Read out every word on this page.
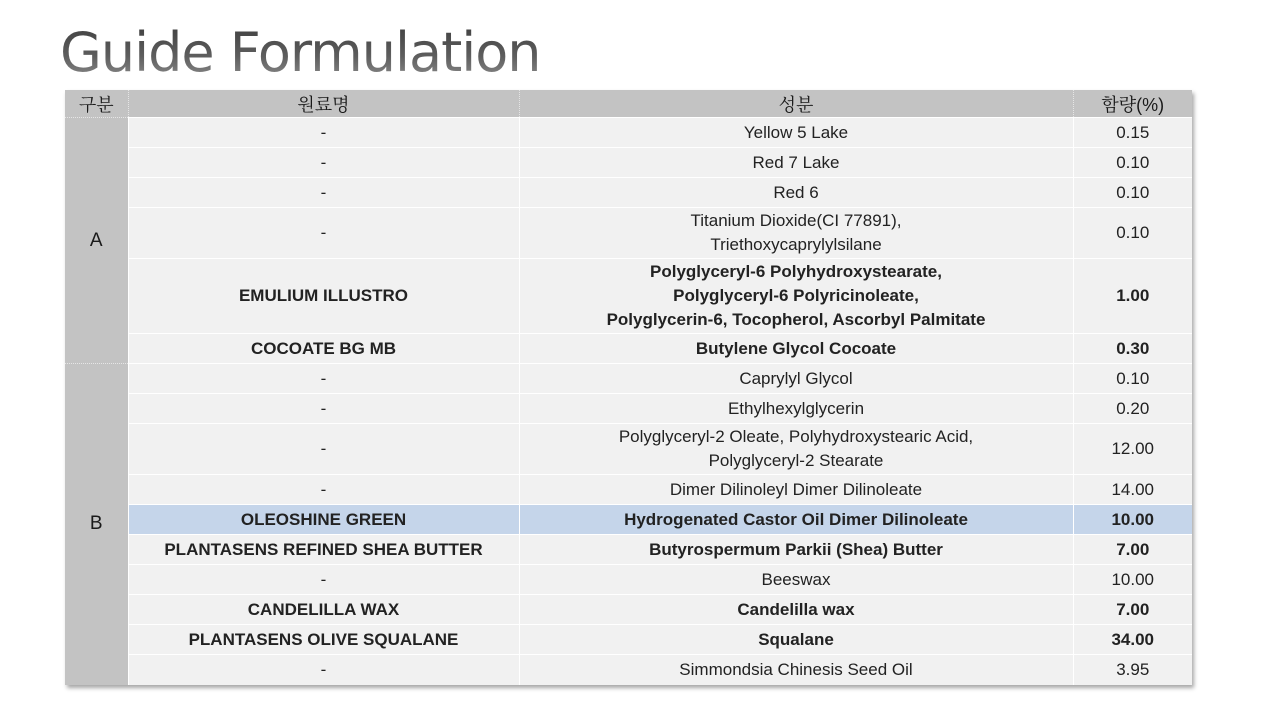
Guide Formulation
구분	원료명	성분	함량(%)
A	-	Yellow 5 Lake	0.15
	-	Red 7 Lake	0.10
	-	Red 6	0.10
	-	Titanium Dioxide(CI 77891),
Triethoxycaprylylsilane	0.10
	EMULIUM ILLUSTRO	Polyglyceryl-6 Polyhydroxystearate,
Polyglyceryl-6 Polyricinoleate,
Polyglycerin-6, Tocopherol, Ascorbyl Palmitate	1.00
	COCOATE BG MB	Butylene Glycol Cocoate	0.30
B	-	Caprylyl Glycol	0.10
	-	Ethylhexylglycerin	0.20
	-	Polyglyceryl-2 Oleate, Polyhydroxystearic Acid,
Polyglyceryl-2 Stearate	12.00
	-	Dimer Dilinoleyl Dimer Dilinoleate	14.00
	OLEOSHINE GREEN	Hydrogenated Castor Oil Dimer Dilinoleate	10.00
	PLANTASENS REFINED SHEA BUTTER	Butyrospermum Parkii (Shea) Butter	7.00
	-	Beeswax	10.00
	CANDELILLA WAX	Candelilla wax	7.00
	PLANTASENS OLIVE SQUALANE	Squalane	34.00
	-	Simmondsia Chinesis Seed Oil	3.95
